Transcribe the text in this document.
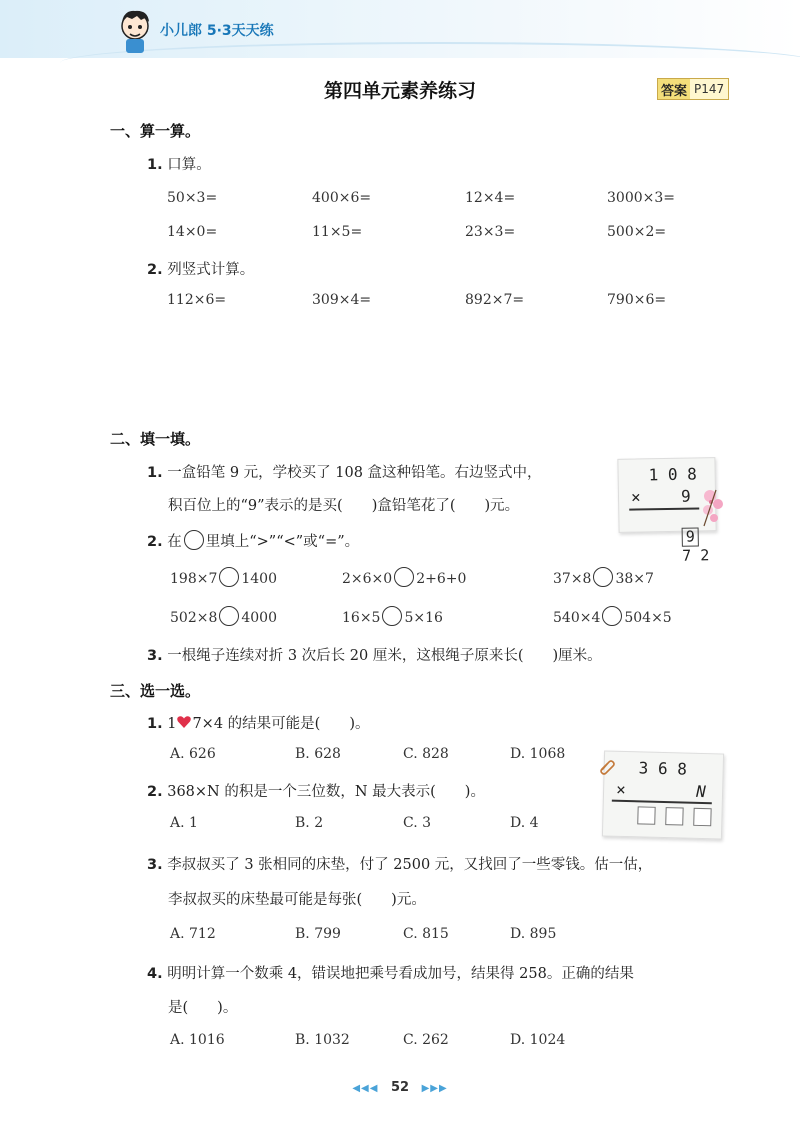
小儿郎 5·3天天练
第四单元素养练习	答案 P147
一、算一算。
1. 口算。
50×3=	400×6=	12×4=	3000×3=
14×0=	11×5=	23×3=	500×2=
2. 列竖式计算。
112×6=	309×4=	892×7=	790×6=
二、填一填。
1. 一盒铅笔 9 元，学校买了 108 盒这种铅笔。右边竖式中，
积百位上的“9”表示的是买(　　)盒铅笔花了(　　)元。
1 0 8
×	9

9
7 2

2. 在 里填上“>”“<”或“=”。
198×7 1400	2×6×0 2+6+0	37×8 38×7
502×8 4000	16×5 5×16	540×4 504×5
3. 一根绳子连续对折 3 次后长 20 厘米，这根绳子原来长(　　)厘米。
三、选一选。
1. 1 7×4 的结果可能是(　　)。
A. 626	B. 628	C. 828	D. 1068
2. 368×N 的积是一个三位数，N 最大表示(　　)。
A. 1	B. 2	C. 3	D. 4
3 6 8
×	N
3. 李叔叔买了 3 张相同的床垫，付了 2500 元，又找回了一些零钱。估一估，
李叔叔买的床垫最可能是每张(　　)元。
A. 712	B. 799	C. 815	D. 895
4. 明明计算一个数乘 4，错误地把乘号看成加号，结果得 258。正确的结果
是(　　)。
A. 1016	B. 1032	C. 262	D. 1024
◀◀◀ 52 ▶▶▶
